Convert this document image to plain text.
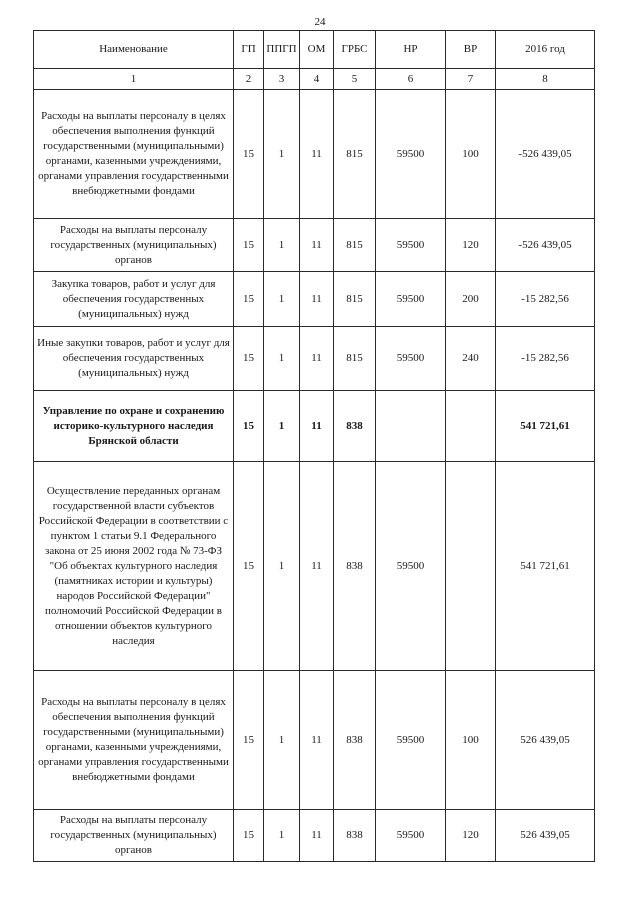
24
Наименование	ГП	ППГП	ОМ	ГРБС	НР	ВР	2016 год
1	2	3	4	5	6	7	8
Расходы на выплаты персоналу в целях обеспечения выполнения функций государственными (муниципальными) органами, казенными учреждениями, органами управления государственными внебюджетными фондами	15	1	11	815	59500	100	-526 439,05
Расходы на выплаты персоналу государственных (муниципальных) органов	15	1	11	815	59500	120	-526 439,05
Закупка товаров, работ и услуг для обеспечения государственных (муниципальных) нужд	15	1	11	815	59500	200	-15 282,56
Иные закупки товаров, работ и услуг для обеспечения государственных (муниципальных) нужд	15	1	11	815	59500	240	-15 282,56
Управление по охране и сохранению историко-культурного наследия Брянской области	15	1	11	838			541 721,61
Осуществление переданных органам государственной власти субъектов Российской Федерации в соответствии с пунктом 1 статьи 9.1 Федерального закона от 25 июня 2002 года № 73-ФЗ "Об объектах культурного наследия (памятниках истории и культуры) народов Российской Федерации" полномочий Российской Федерации в отношении объектов культурного наследия	15	1	11	838	59500		541 721,61
Расходы на выплаты персоналу в целях обеспечения выполнения функций государственными (муниципальными) органами, казенными учреждениями, органами управления государственными внебюджетными фондами	15	1	11	838	59500	100	526 439,05
Расходы на выплаты персоналу государственных (муниципальных) органов	15	1	11	838	59500	120	526 439,05
